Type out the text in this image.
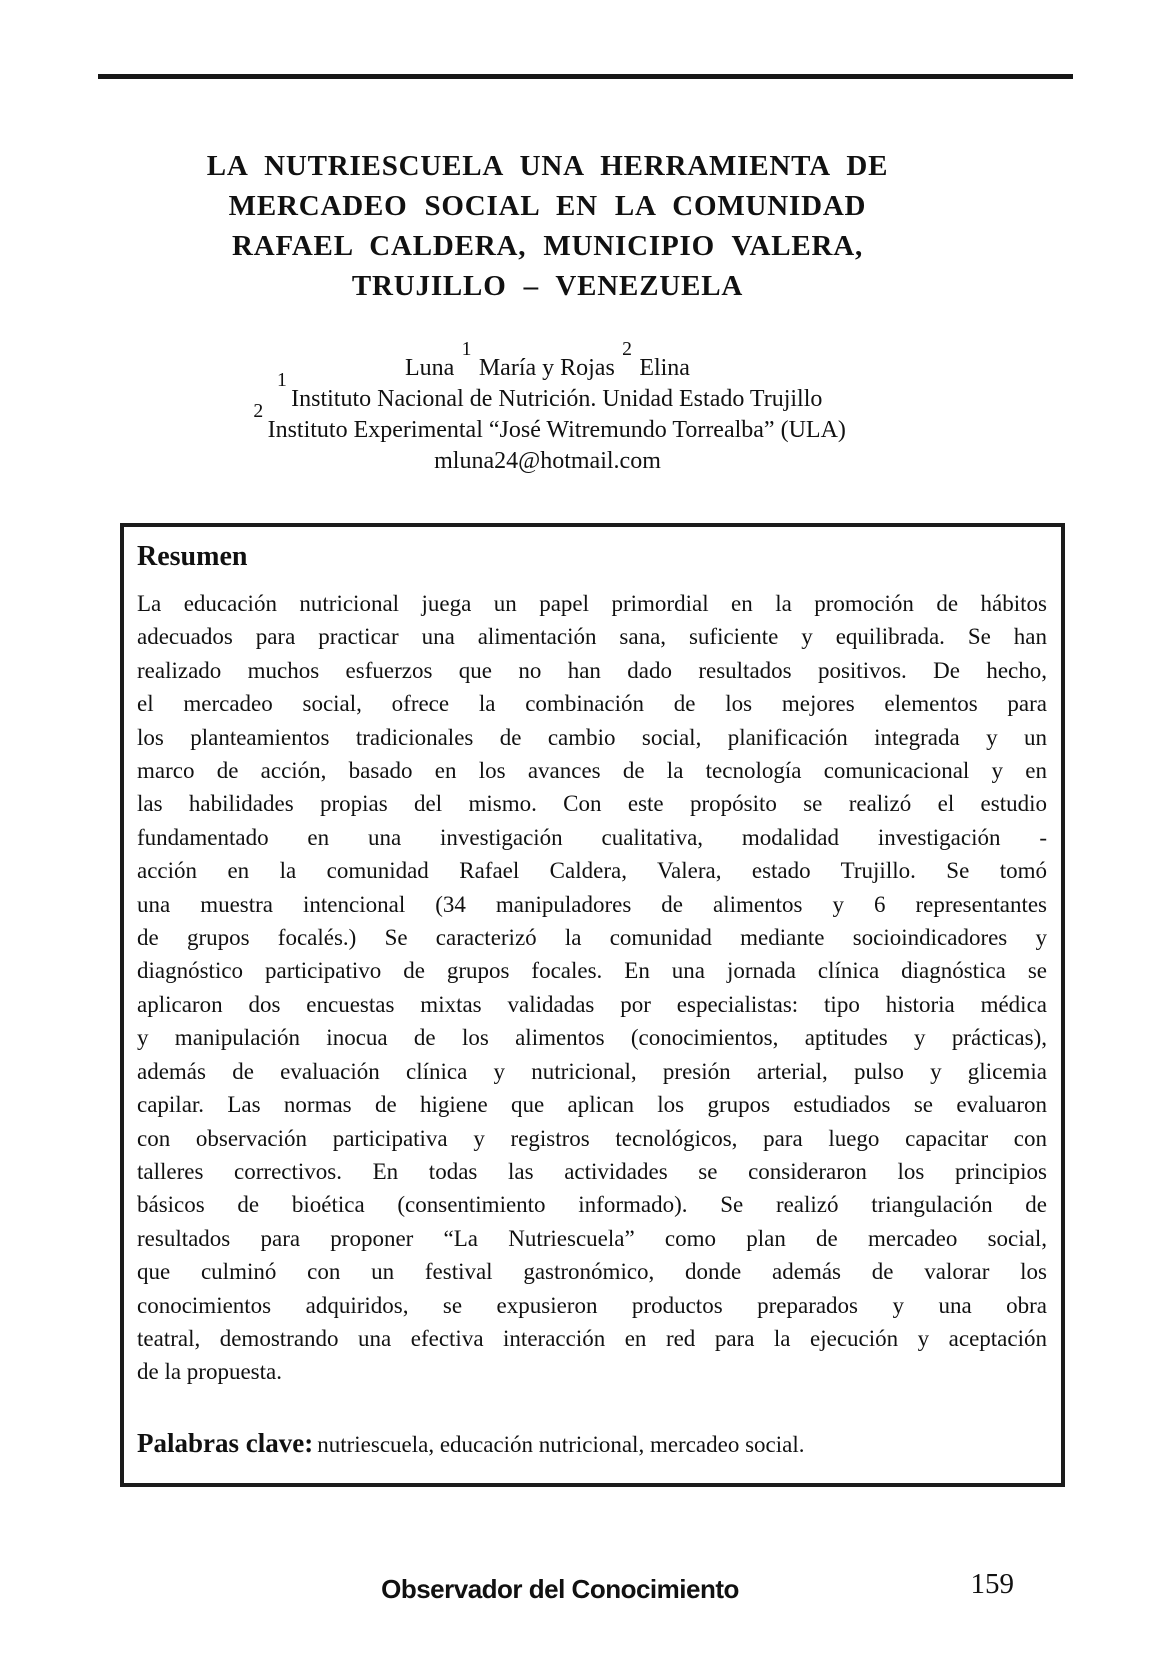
LA NUTRIESCUELA UNA HERRAMIENTA DE
MERCADEO SOCIAL EN LA COMUNIDAD
RAFAEL CALDERA, MUNICIPIO VALERA,
TRUJILLO – VENEZUELA
Luna$^1$María y Rojas$^2$Elina
$^1$Instituto Nacional de Nutrición. Unidad Estado Trujillo
$^2$Instituto Experimental “José Witremundo Torrealba” (ULA)
mluna24@hotmail.com
Resumen
La educación nutricional juega un papel primordial en la promoción de hábitos
adecuados para practicar una alimentación sana, suficiente y equilibrada. Se han
realizado muchos esfuerzos que no han dado resultados positivos. De hecho,
el mercadeo social, ofrece la combinación de los mejores elementos para
los planteamientos tradicionales de cambio social, planificación integrada y un
marco de acción, basado en los avances de la tecnología comunicacional y en
las habilidades propias del mismo. Con este propósito se realizó el estudio
fundamentado en una investigación cualitativa, modalidad investigación -
acción en la comunidad Rafael Caldera, Valera, estado Trujillo. Se tomó
una muestra intencional (34 manipuladores de alimentos y 6 representantes
de grupos focalés.) Se caracterizó la comunidad mediante socioindicadores y
diagnóstico participativo de grupos focales. En una jornada clínica diagnóstica se
aplicaron dos encuestas mixtas validadas por especialistas: tipo historia médica
y manipulación inocua de los alimentos (conocimientos, aptitudes y prácticas),
además de evaluación clínica y nutricional, presión arterial, pulso y glicemia
capilar. Las normas de higiene que aplican los grupos estudiados se evaluaron
con observación participativa y registros tecnológicos, para luego capacitar con
talleres correctivos. En todas las actividades se consideraron los principios
básicos de bioética (consentimiento informado). Se realizó triangulación de
resultados para proponer “La Nutriescuela” como plan de mercadeo social,
que culminó con un festival gastronómico, donde además de valorar los
conocimientos adquiridos, se expusieron productos preparados y una obra
teatral, demostrando una efectiva interacción en red para la ejecución y aceptación
de la propuesta.
Palabras clave: nutriescuela, educación nutricional, mercadeo social.
Observador del Conocimiento	159
